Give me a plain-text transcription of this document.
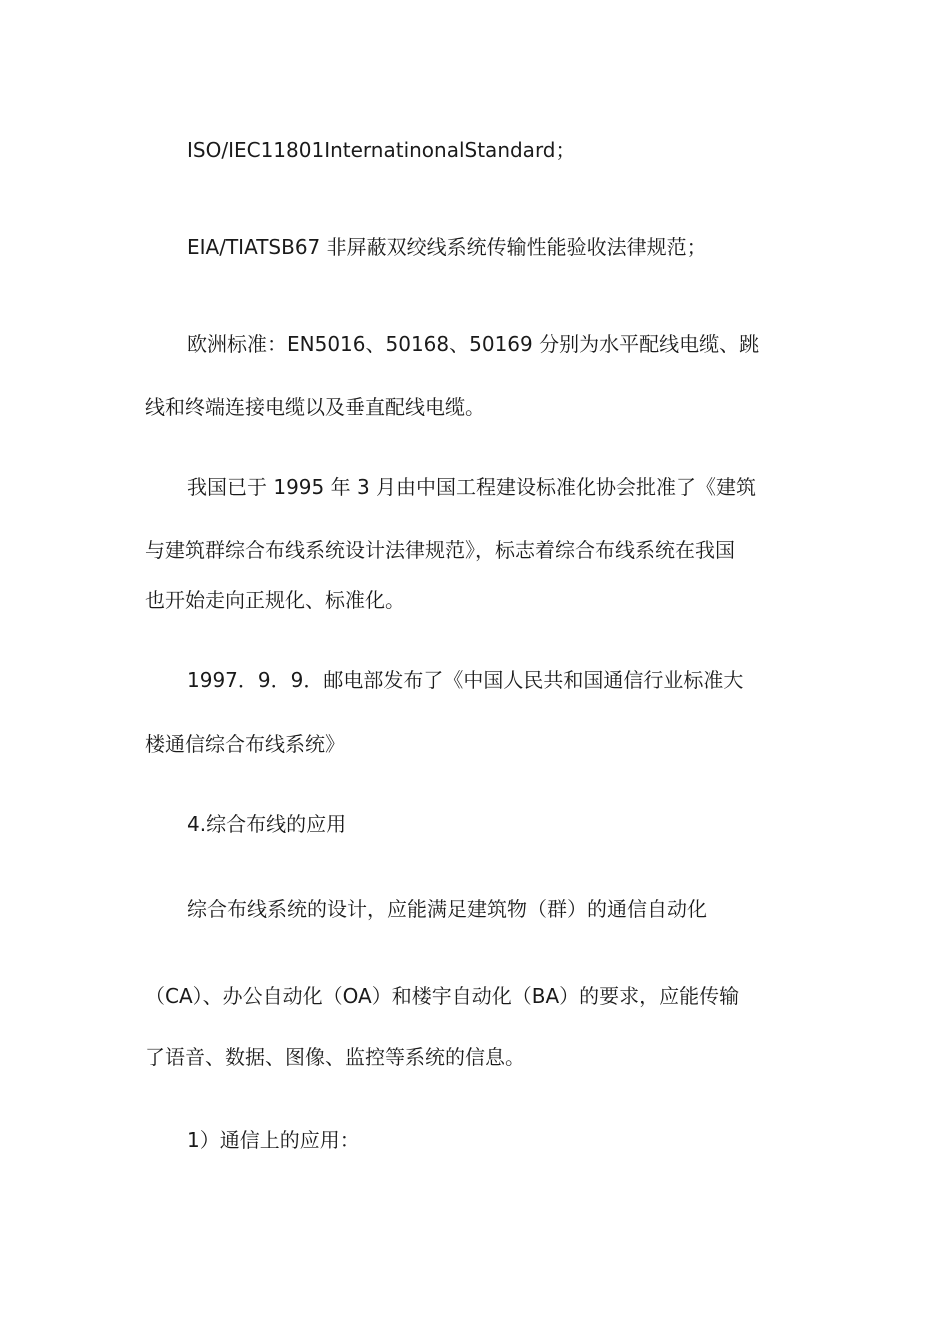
ISO/IEC11801InternatinonalStandard；
EIA/TIATSB67 非屏蔽双绞线系统传输性能验收法律规范；
欧洲标准：EN5016、50168、50169 分别为水平配线电缆、跳
线和终端连接电缆以及垂直配线电缆。
我国已于 1995 年 3 月由中国工程建设标准化协会批准了《建筑
与建筑群综合布线系统设计法律规范》，标志着综合布线系统在我国
也开始走向正规化、标准化。
1997．9．9．邮电部发布了《中国人民共和国通信行业标准大
楼通信综合布线系统》
4.综合布线的应用
综合布线系统的设计，应能满足建筑物（群）的通信自动化
（CA）、办公自动化（OA）和楼宇自动化（BA）的要求，应能传输
了语音、数据、图像、监控等系统的信息。
1）通信上的应用：
